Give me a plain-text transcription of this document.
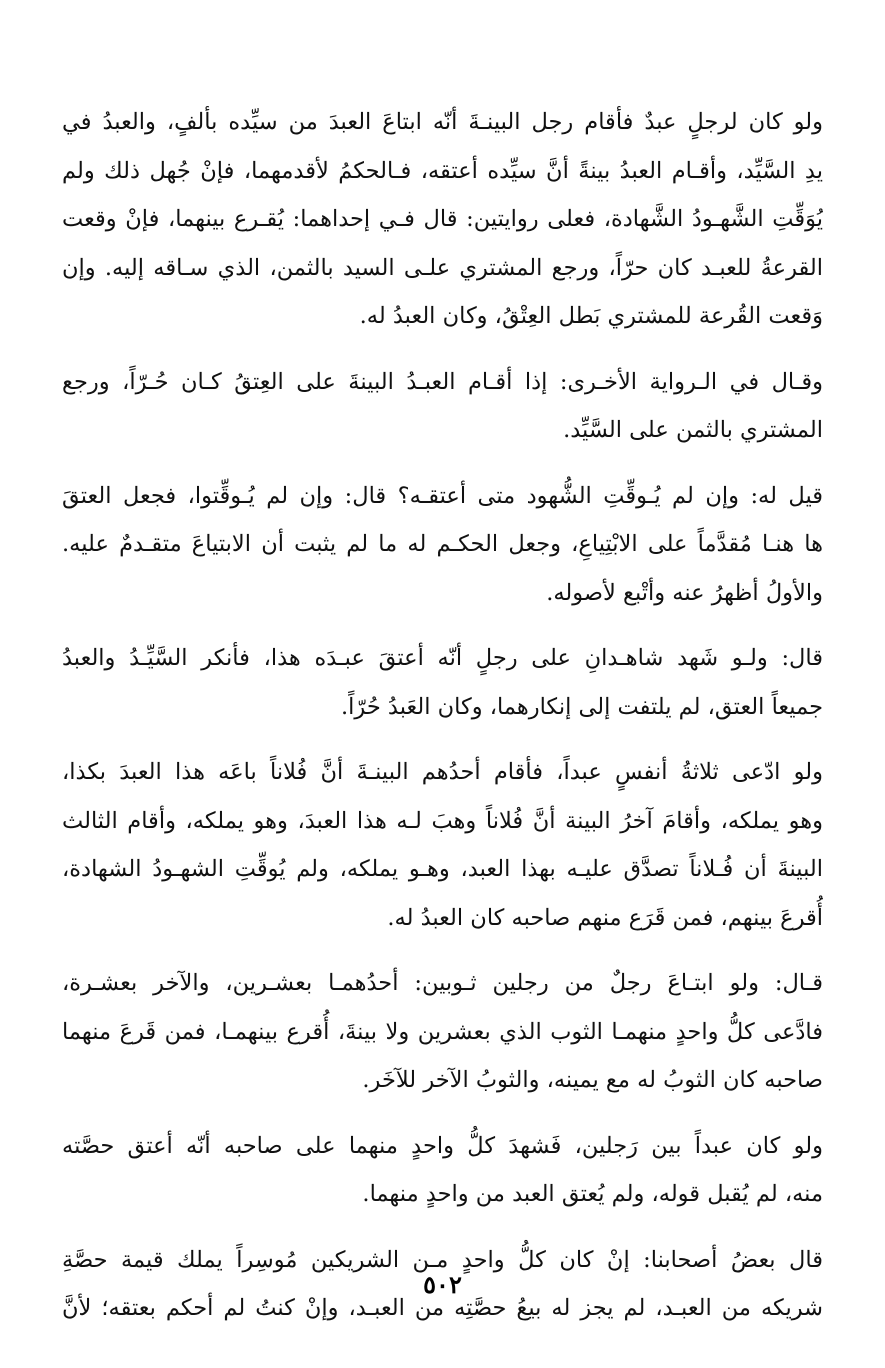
ولو كان لرجلٍ عبدٌ فأقام رجل البينـةَ أنّه ابتاعَ العبدَ من سيِّده بألفٍ، والعبدُ في
يدِ السَّيِّد، وأقـام العبدُ بينةً أنَّ سيِّده أعتقه، فـالحكمُ لأقدمهما، فإنْ جُهل ذلك ولم
يُوَقِّتِ الشَّهـودُ الشَّهادة، فعلى روايتين: قال فـي إحداهما: يُقـرع بينهما، فإنْ وقعت
القرعةُ للعبـد كان حرّاً، ورجع المشتري علـى السيد بالثمن، الذي سـاقه إليه. وإن
وَقعت القُرعة للمشتري بَطل العِتْقُ، وكان العبدُ له.

وقـال في الـرواية الأخـرى: إذا أقـام العبـدُ البينةَ على العِتقُ كـان حُـرّاً، ورجع
المشتري بالثمن على السَّيِّد.

قيل له: وإن لم يُـوقِّتِ الشُّهود متى أعتقـه؟ قال: وإن لم يُـوقِّتوا، فجعل العتقَ
ها هنـا مُقدَّماً على الابْتِياعِ، وجعل الحكـم له ما لم يثبت أن الابتياعَ متقـدمٌ عليه.
والأولُ أظهرُ عنه وأتْبع لأصوله.

قال: ولـو شَهد شاهـدانِ على رجلٍ أنّه أعتقَ عبـدَه هذا، فأنكر السَّيِّـدُ والعبدُ
جميعاً العتق، لم يلتفت إلى إنكارهما، وكان العَبدُ حُرّاً.

ولو ادّعى ثلاثةُ أنفسٍ عبداً، فأقام أحدُهم البينـةَ أنَّ فُلاناً باعَه هذا العبدَ بكذا،
وهو يملكه، وأقامَ آخرُ البينة أنَّ فُلاناً وهبَ لـه هذا العبدَ، وهو يملكه، وأقام الثالث
البينةَ أن فُـلاناً تصدَّق عليـه بهذا العبد، وهـو يملكه، ولم يُوقِّتِ الشهـودُ الشهادة،
أُقرعَ بينهم، فمن قَرَع منهم صاحبه كان العبدُ له.

قـال: ولو ابتـاعَ رجلٌ من رجلين ثـوبين: أحدُهمـا بعشـرين، والآخر بعشـرة،
فادَّعى كلُّ واحدٍ منهمـا الثوب الذي بعشرين ولا بينةَ، أُقرع بينهمـا، فمن قَرعَ منهما
صاحبه كان الثوبُ له مع يمينه، والثوبُ الآخر للآخَر.

ولو كان عبداً بين رَجلين، فَشهدَ كلُّ واحدٍ منهما على صاحبه أنّه أعتق حصَّته
منه، لم يُقبل قوله، ولم يُعتق العبد من واحدٍ منهما.

قال بعضُ أصحابنا: إنْ كان كلُّ واحدٍ مـن الشريكين مُوسِراً يملك قيمة حصَّةِ
شريكه من العبـد، لم يجز له بيعُ حصَّتِه من العبـد، وإنْ كنتُ لم أحكم بعتقه؛ لأنَّ

٥٠٢
